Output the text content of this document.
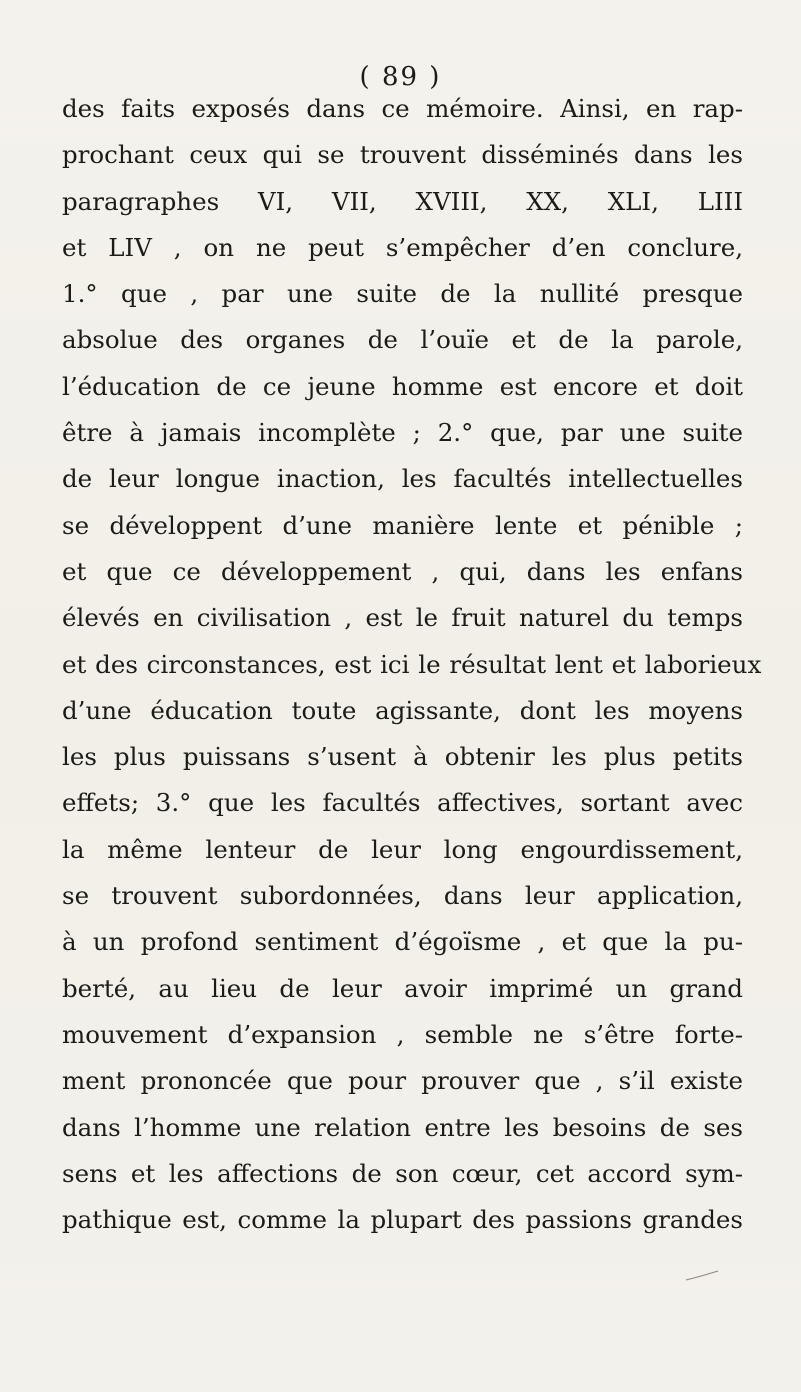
( 89 )
des faits exposés dans ce mémoire. Ainsi, en rap-
prochant ceux qui se trouvent disséminés dans les
paragraphes VI, VII, XVIII, XX, XLI, LIII
et LIV , on ne peut s’empêcher d’en conclure,
1.° que , par une suite de la nullité presque
absolue des organes de l’ouïe et de la parole,
l’éducation de ce jeune homme est encore et doit
être à jamais incomplète ; 2.° que, par une suite
de leur longue inaction, les facultés intellectuelles
se développent d’une manière lente et pénible ;
et que ce développement , qui, dans les enfans
élevés en civilisation , est le fruit naturel du temps
et des circonstances, est ici le résultat lent et laborieux
d’une éducation toute agissante, dont les moyens
les plus puissans s’usent à obtenir les plus petits
effets; 3.° que les facultés affectives, sortant avec
la même lenteur de leur long engourdissement,
se trouvent subordonnées, dans leur application,
à un profond sentiment d’égoïsme , et que la pu-
berté, au lieu de leur avoir imprimé un grand
mouvement d’expansion , semble ne s’être forte-
ment prononcée que pour prouver que , s’il existe
dans l’homme une relation entre les besoins de ses
sens et les affections de son cœur, cet accord sym-
pathique est, comme la plupart des passions grandes
